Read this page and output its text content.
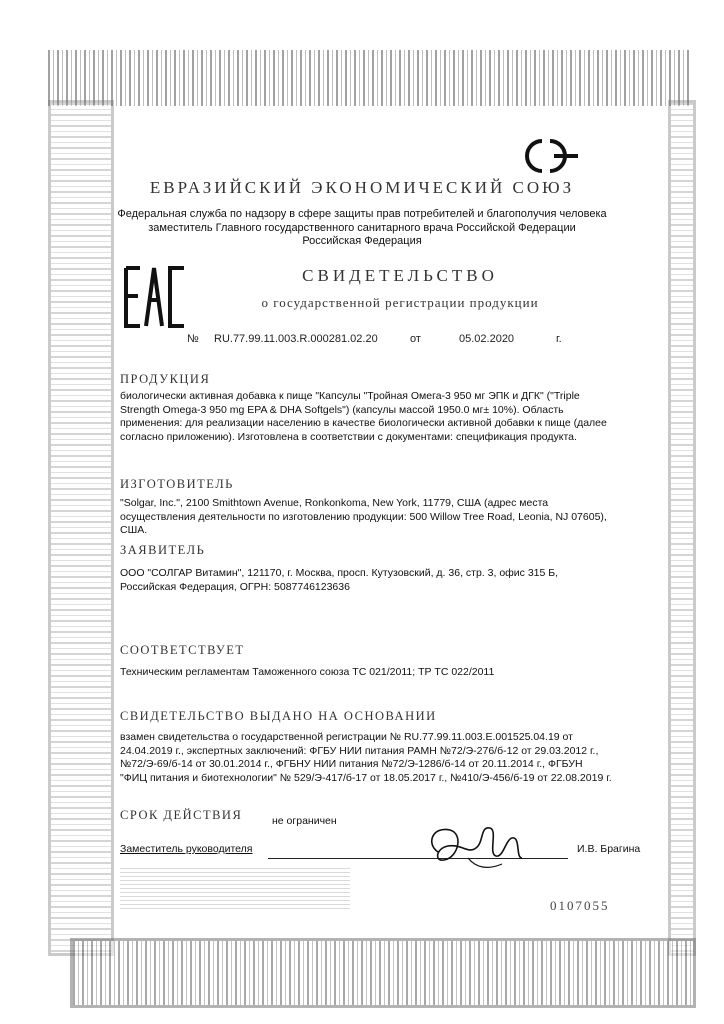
ЕВРАЗИЙСКИЙ ЭКОНОМИЧЕСКИЙ СОЮЗ
Федеральная служба по надзору в сфере защиты прав потребителей и благополучия человека
заместитель Главного государственного санитарного врача Российской Федерации
Российская Федерация
СВИДЕТЕЛЬСТВО
о государственной регистрации продукции
№ RU.77.99.11.003.R.000281.02.20	от	05.02.2020	г.
ПРОДУКЦИЯ
биологически активная добавка к пище "Капсулы "Тройная Омега-3 950 мг ЭПК и ДГК" ("Triple
Strength Omega-3 950 mg EPA & DHA Softgels") (капсулы массой 1950.0 мг± 10%). Область
применения: для реализации населению в качестве биологически активной добавки к пище (далее
согласно приложению). Изготовлена в соответствии с документами: спецификация продукта.
ИЗГОТОВИТЕЛЬ
"Solgar, Inc.", 2100 Smithtown Avenue, Ronkonkoma, New York, 11779, США (адрес места
осуществления деятельности по изготовлению продукции: 500 Willow Tree Road, Leonia, NJ 07605),
США.
ЗАЯВИТЕЛЬ
ООО "СОЛГАР Витамин", 121170, г. Москва, просп. Кутузовский, д. 36, стр. 3, офис 315 Б,
Российская Федерация, ОГРН: 5087746123636
СООТВЕТСТВУЕТ
Техническим регламентам Таможенного союза ТС 021/2011; ТР ТС 022/2011
СВИДЕТЕЛЬСТВО ВЫДАНО НА ОСНОВАНИИ
взамен свидетельства о государственной регистрации № RU.77.99.11.003.E.001525.04.19 от
24.04.2019 г., экспертных заключений: ФГБУ НИИ питания РАМН №72/Э-276/б-12 от 29.03.2012 г.,
№72/Э-69/б-14 от 30.01.2014 г., ФГБНУ НИИ питания №72/Э-1286/б-14 от 20.11.2014 г., ФГБУН
"ФИЦ питания и биотехнологии" № 529/Э-417/б-17 от 18.05.2017 г., №410/Э-456/б-19 от 22.08.2019 г.
СРОК ДЕЙСТВИЯ	не ограничен
Заместитель руководителя	И.В. Брагина
0107055
